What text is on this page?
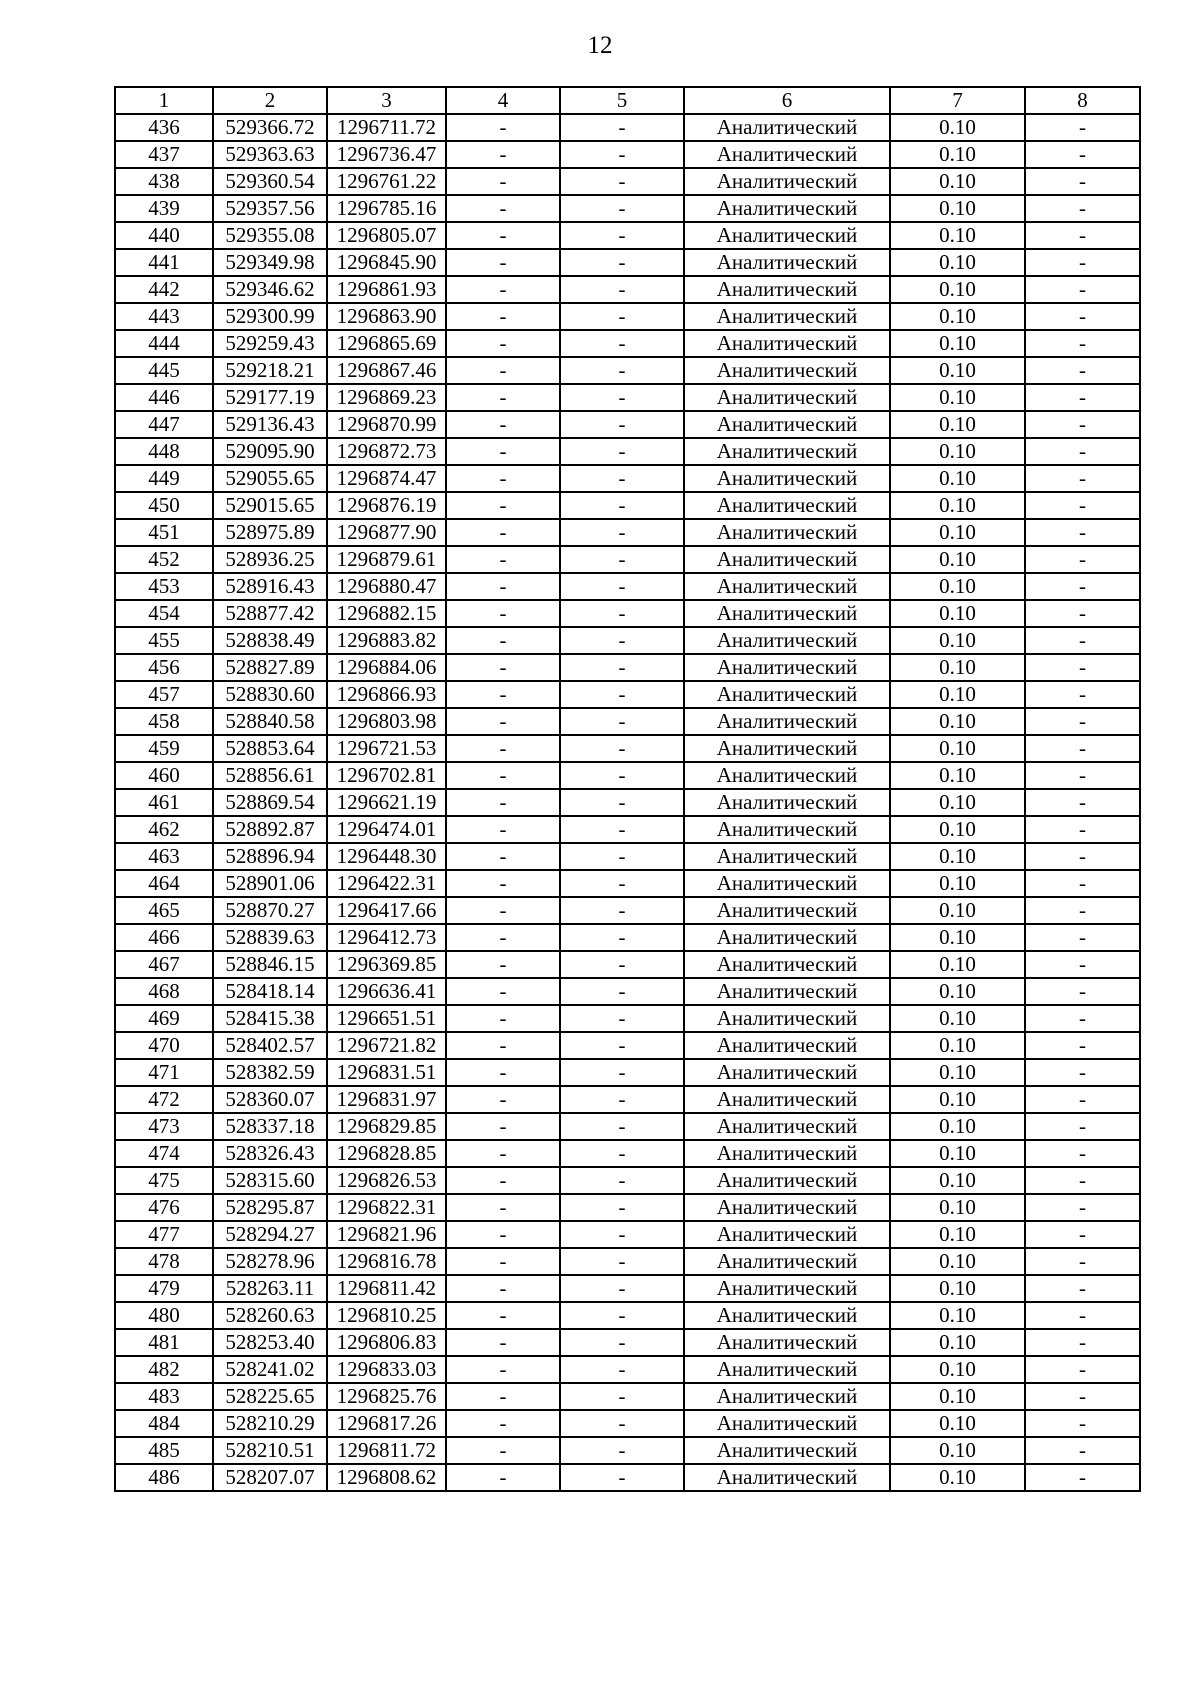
12
1	2	3	4	5	6	7	8
436	529366.72	1296711.72	-	-	Аналитический	0.10	-
437	529363.63	1296736.47	-	-	Аналитический	0.10	-
438	529360.54	1296761.22	-	-	Аналитический	0.10	-
439	529357.56	1296785.16	-	-	Аналитический	0.10	-
440	529355.08	1296805.07	-	-	Аналитический	0.10	-
441	529349.98	1296845.90	-	-	Аналитический	0.10	-
442	529346.62	1296861.93	-	-	Аналитический	0.10	-
443	529300.99	1296863.90	-	-	Аналитический	0.10	-
444	529259.43	1296865.69	-	-	Аналитический	0.10	-
445	529218.21	1296867.46	-	-	Аналитический	0.10	-
446	529177.19	1296869.23	-	-	Аналитический	0.10	-
447	529136.43	1296870.99	-	-	Аналитический	0.10	-
448	529095.90	1296872.73	-	-	Аналитический	0.10	-
449	529055.65	1296874.47	-	-	Аналитический	0.10	-
450	529015.65	1296876.19	-	-	Аналитический	0.10	-
451	528975.89	1296877.90	-	-	Аналитический	0.10	-
452	528936.25	1296879.61	-	-	Аналитический	0.10	-
453	528916.43	1296880.47	-	-	Аналитический	0.10	-
454	528877.42	1296882.15	-	-	Аналитический	0.10	-
455	528838.49	1296883.82	-	-	Аналитический	0.10	-
456	528827.89	1296884.06	-	-	Аналитический	0.10	-
457	528830.60	1296866.93	-	-	Аналитический	0.10	-
458	528840.58	1296803.98	-	-	Аналитический	0.10	-
459	528853.64	1296721.53	-	-	Аналитический	0.10	-
460	528856.61	1296702.81	-	-	Аналитический	0.10	-
461	528869.54	1296621.19	-	-	Аналитический	0.10	-
462	528892.87	1296474.01	-	-	Аналитический	0.10	-
463	528896.94	1296448.30	-	-	Аналитический	0.10	-
464	528901.06	1296422.31	-	-	Аналитический	0.10	-
465	528870.27	1296417.66	-	-	Аналитический	0.10	-
466	528839.63	1296412.73	-	-	Аналитический	0.10	-
467	528846.15	1296369.85	-	-	Аналитический	0.10	-
468	528418.14	1296636.41	-	-	Аналитический	0.10	-
469	528415.38	1296651.51	-	-	Аналитический	0.10	-
470	528402.57	1296721.82	-	-	Аналитический	0.10	-
471	528382.59	1296831.51	-	-	Аналитический	0.10	-
472	528360.07	1296831.97	-	-	Аналитический	0.10	-
473	528337.18	1296829.85	-	-	Аналитический	0.10	-
474	528326.43	1296828.85	-	-	Аналитический	0.10	-
475	528315.60	1296826.53	-	-	Аналитический	0.10	-
476	528295.87	1296822.31	-	-	Аналитический	0.10	-
477	528294.27	1296821.96	-	-	Аналитический	0.10	-
478	528278.96	1296816.78	-	-	Аналитический	0.10	-
479	528263.11	1296811.42	-	-	Аналитический	0.10	-
480	528260.63	1296810.25	-	-	Аналитический	0.10	-
481	528253.40	1296806.83	-	-	Аналитический	0.10	-
482	528241.02	1296833.03	-	-	Аналитический	0.10	-
483	528225.65	1296825.76	-	-	Аналитический	0.10	-
484	528210.29	1296817.26	-	-	Аналитический	0.10	-
485	528210.51	1296811.72	-	-	Аналитический	0.10	-
486	528207.07	1296808.62	-	-	Аналитический	0.10	-
